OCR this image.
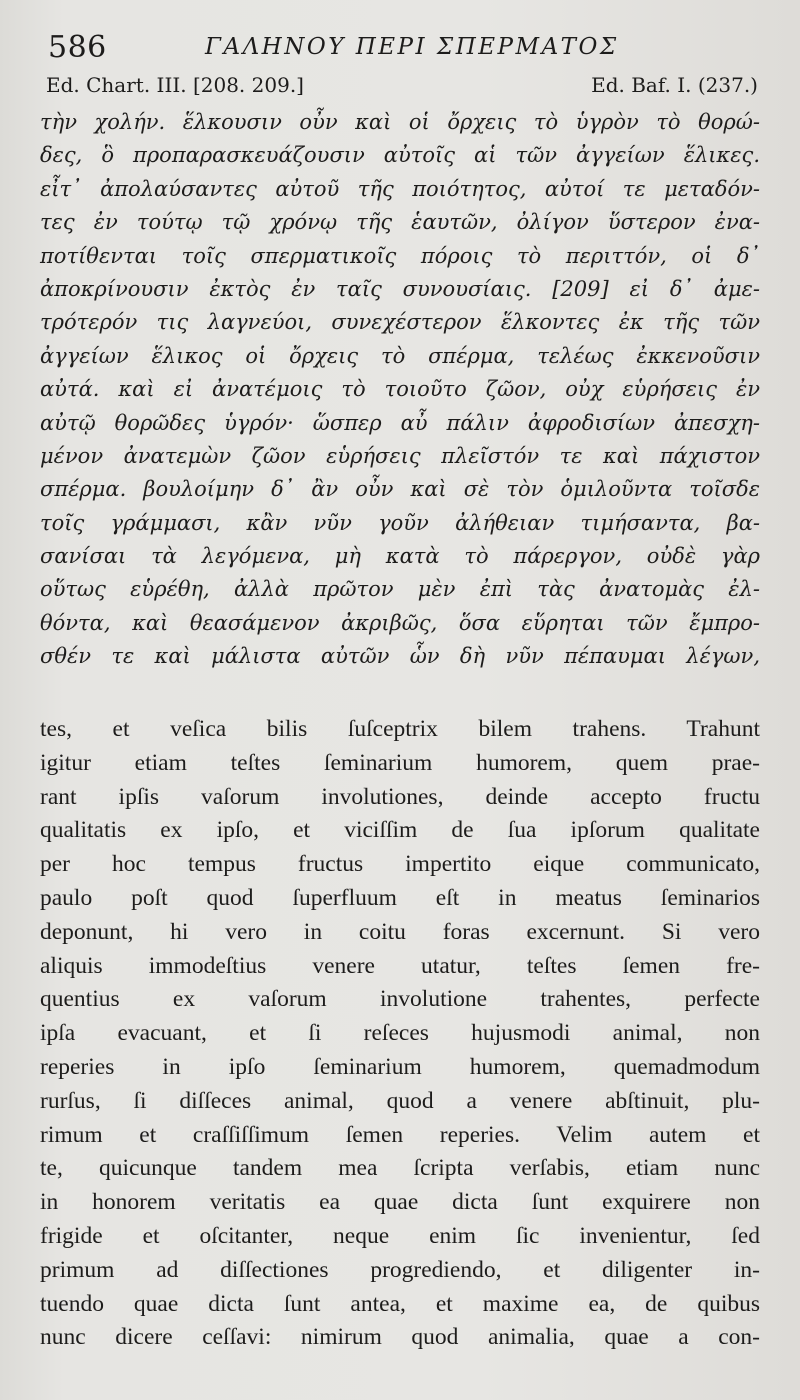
586	ΓΑΛΗΝΟΥ ΠΕΡΙ ΣΠΕΡΜΑΤΟΣ
Ed. Chart. III. [208. 209.]	Ed. Baf. I. (237.)
τὴν χολήν. ἕλκουσιν οὖν καὶ οἱ ὄρχεις τὸ ὑγρὸν τὸ θορώ-
δες, ὃ προπαρασκευάζουσιν αὐτοῖς αἱ τῶν ἀγγείων ἕλικες.
εἶτ᾽ ἀπολαύσαντες αὐτοῦ τῆς ποιότητος, αὐτοί τε μεταδόν-
τες ἐν τούτῳ τῷ χρόνῳ τῆς ἑαυτῶν, ὀλίγον ὕστερον ἐνα-
ποτίθενται τοῖς σπερματικοῖς πόροις τὸ περιττόν, οἱ δ᾽
ἀποκρίνουσιν ἐκτὸς ἐν ταῖς συνουσίαις. [209] εἰ δ᾽ ἀμε-
τρότερόν τις λαγνεύοι, συνεχέστερον ἕλκοντες ἐκ τῆς τῶν
ἀγγείων ἕλικος οἱ ὄρχεις τὸ σπέρμα, τελέως ἐκκενοῦσιν
αὐτά. καὶ εἰ ἀνατέμοις τὸ τοιοῦτο ζῶον, οὐχ εὑρήσεις ἐν
αὐτῷ θορῶδες ὑγρόν· ὥσπερ αὖ πάλιν ἀφροδισίων ἀπεσχη-
μένον ἀνατεμὼν ζῶον εὑρήσεις πλεῖστόν τε καὶ πάχιστον
σπέρμα. βουλοίμην δ᾽ ἂν οὖν καὶ σὲ τὸν ὁμιλοῦντα τοῖσδε
τοῖς γράμμασι, κἂν νῦν γοῦν ἀλήθειαν τιμήσαντα, βα-
σανίσαι τὰ λεγόμενα, μὴ κατὰ τὸ πάρεργον, οὐδὲ γὰρ
οὕτως εὑρέθη, ἀλλὰ πρῶτον μὲν ἐπὶ τὰς ἀνατομὰς ἐλ-
θόντα, καὶ θεασάμενον ἀκριβῶς, ὅσα εὕρηται τῶν ἔμπρο-
σθέν τε καὶ μάλιστα αὐτῶν ὧν δὴ νῦν πέπαυμαι λέγων,
tes, et veſica bilis ſuſceptrix bilem trahens. Trahunt
igitur etiam teſtes ſeminarium humorem, quem prae-
rant ipſis vaſorum involutiones, deinde accepto fructu
qualitatis ex ipſo, et viciſſim de ſua ipſorum qualitate
per hoc tempus fructus impertito eique communicato,
paulo poſt quod ſuperfluum eſt in meatus ſeminarios
deponunt, hi vero in coitu foras excernunt. Si vero
aliquis immodeſtius venere utatur, teſtes ſemen fre-
quentius ex vaſorum involutione trahentes, perfecte
ipſa evacuant, et ſi reſeces hujusmodi animal, non
reperies in ipſo ſeminarium humorem, quemadmodum
rurſus, ſi diſſeces animal, quod a venere abſtinuit, plu-
rimum et craſſiſſimum ſemen reperies. Velim autem et
te, quicunque tandem mea ſcripta verſabis, etiam nunc
in honorem veritatis ea quae dicta ſunt exquirere non
frigide et oſcitanter, neque enim ſic invenientur, ſed
primum ad diſſectiones progrediendo, et diligenter in-
tuendo quae dicta ſunt antea, et maxime ea, de quibus
nunc dicere ceſſavi: nimirum quod animalia, quae a con-
